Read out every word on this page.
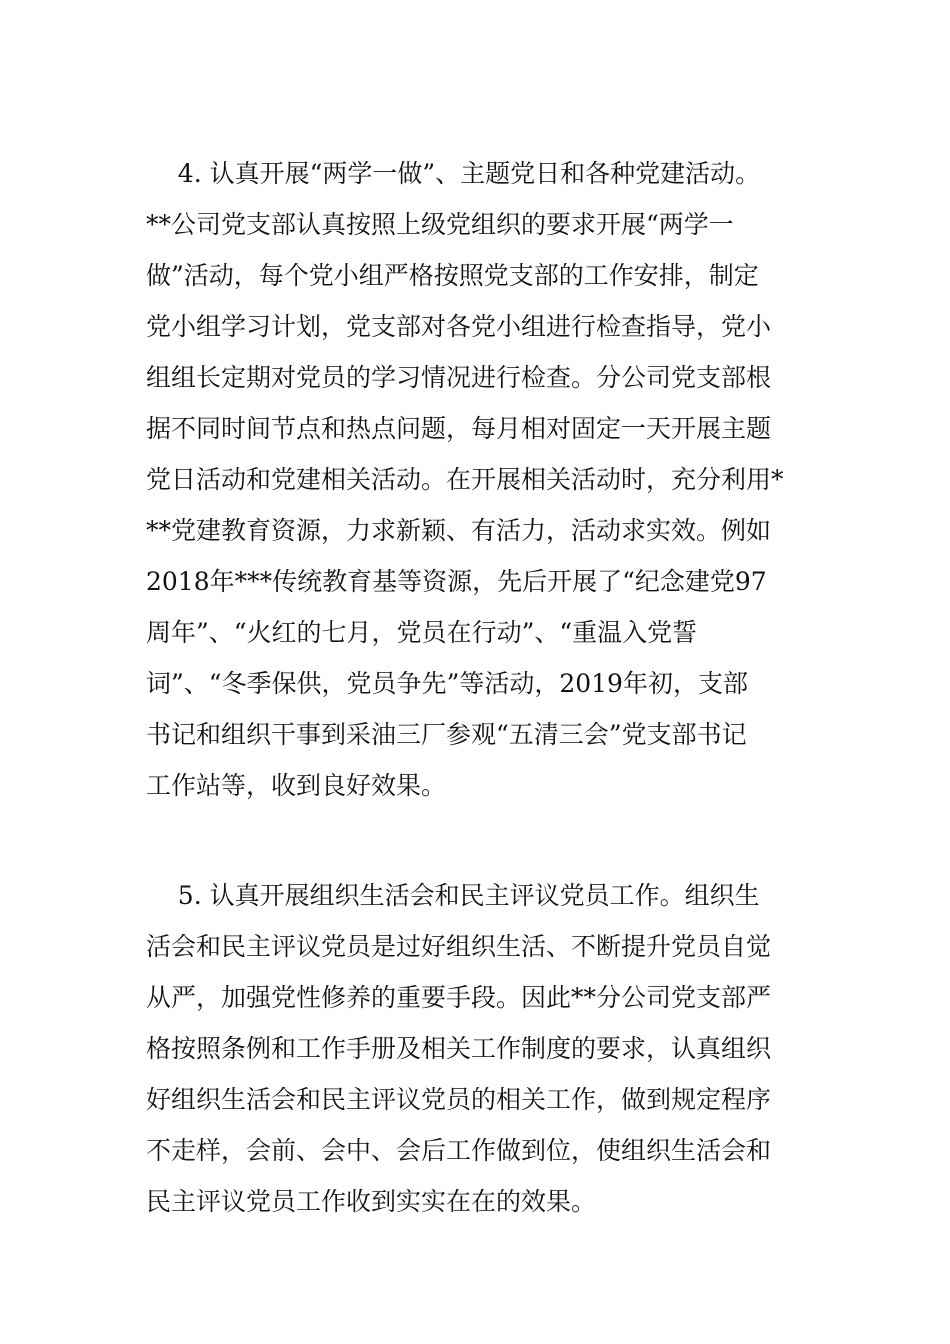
4. 认真开展“两学一做”、主题党日和各种党建活动。

**公司党支部认真按照上级党组织的要求开展“两学一

做”活动，每个党小组严格按照党支部的工作安排，制定

党小组学习计划，党支部对各党小组进行检查指导，党小

组组长定期对党员的学习情况进行检查。分公司党支部根

据不同时间节点和热点问题，每月相对固定一天开展主题

党日活动和党建相关活动。在开展相关活动时，充分利用*

**党建教育资源，力求新颖、有活力，活动求实效。例如

2018年***传统教育基等资源，先后开展了“纪念建党97

周年”、“火红的七月，党员在行动”、“重温入党誓

词”、“冬季保供，党员争先”等活动，2019年初，支部

书记和组织干事到采油三厂参观“五清三会”党支部书记

工作站等，收到良好效果。

5. 认真开展组织生活会和民主评议党员工作。组织生

活会和民主评议党员是过好组织生活、不断提升党员自觉

从严，加强党性修养的重要手段。因此**分公司党支部严

格按照条例和工作手册及相关工作制度的要求，认真组织

好组织生活会和民主评议党员的相关工作，做到规定程序

不走样，会前、会中、会后工作做到位，使组织生活会和

民主评议党员工作收到实实在在的效果。
